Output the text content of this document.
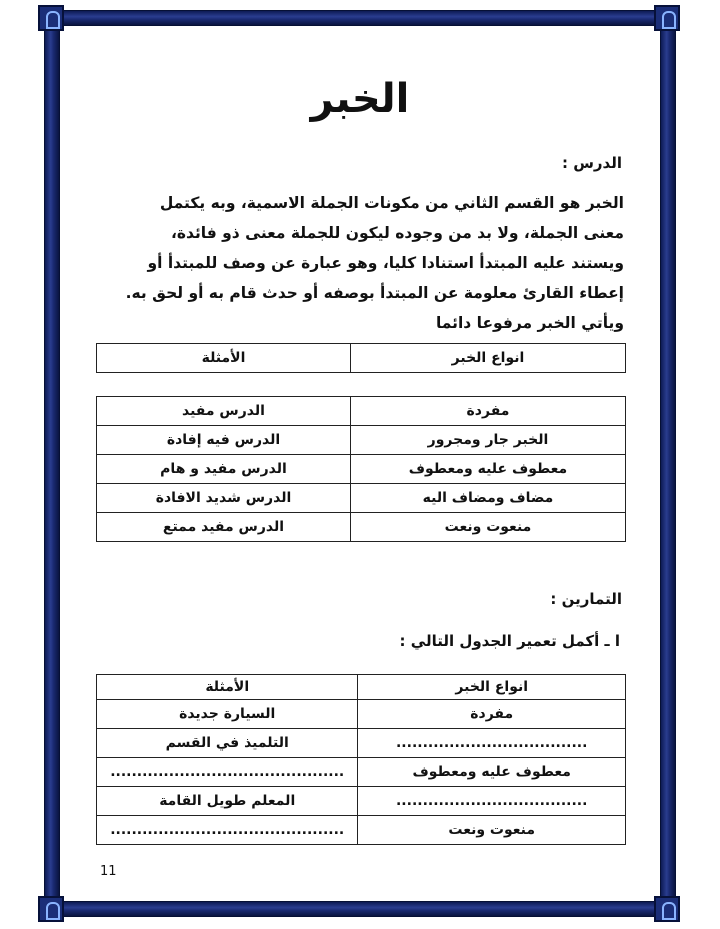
الخبر
الدرس :
الخبر هو القسم الثاني من مكونات الجملة الاسمية، وبه يكتمل
معنى الجملة، ولا بد من وجوده ليكون للجملة معنى ذو فائدة،
ويستند عليه المبتدأ استنادا كليا، وهو عبارة عن وصف للمبتدأ أو
إعطاء القارئ معلومة عن المبتدأ بوصفه أو حدث قام به أو لحق به.
ويأتي الخبر مرفوعا دائما
انواع الخبر	الأمثلة
مفردة	الدرس مفيد
الخبر جار ومجرور	الدرس فيه إفادة
معطوف عليه ومعطوف	الدرس مفيد و هام
مضاف ومضاف اليه	الدرس شديد الافادة
منعوت ونعت	الدرس مفيد ممتع
التمارين :
ا ـ أكمل تعمير الجدول التالي :
انواع الخبر	الأمثلة
مفردة	السيارة جديدة
....................................	التلميذ في القسم
معطوف عليه ومعطوف	............................................
....................................	المعلم طويل القامة
منعوت ونعت	............................................
11
